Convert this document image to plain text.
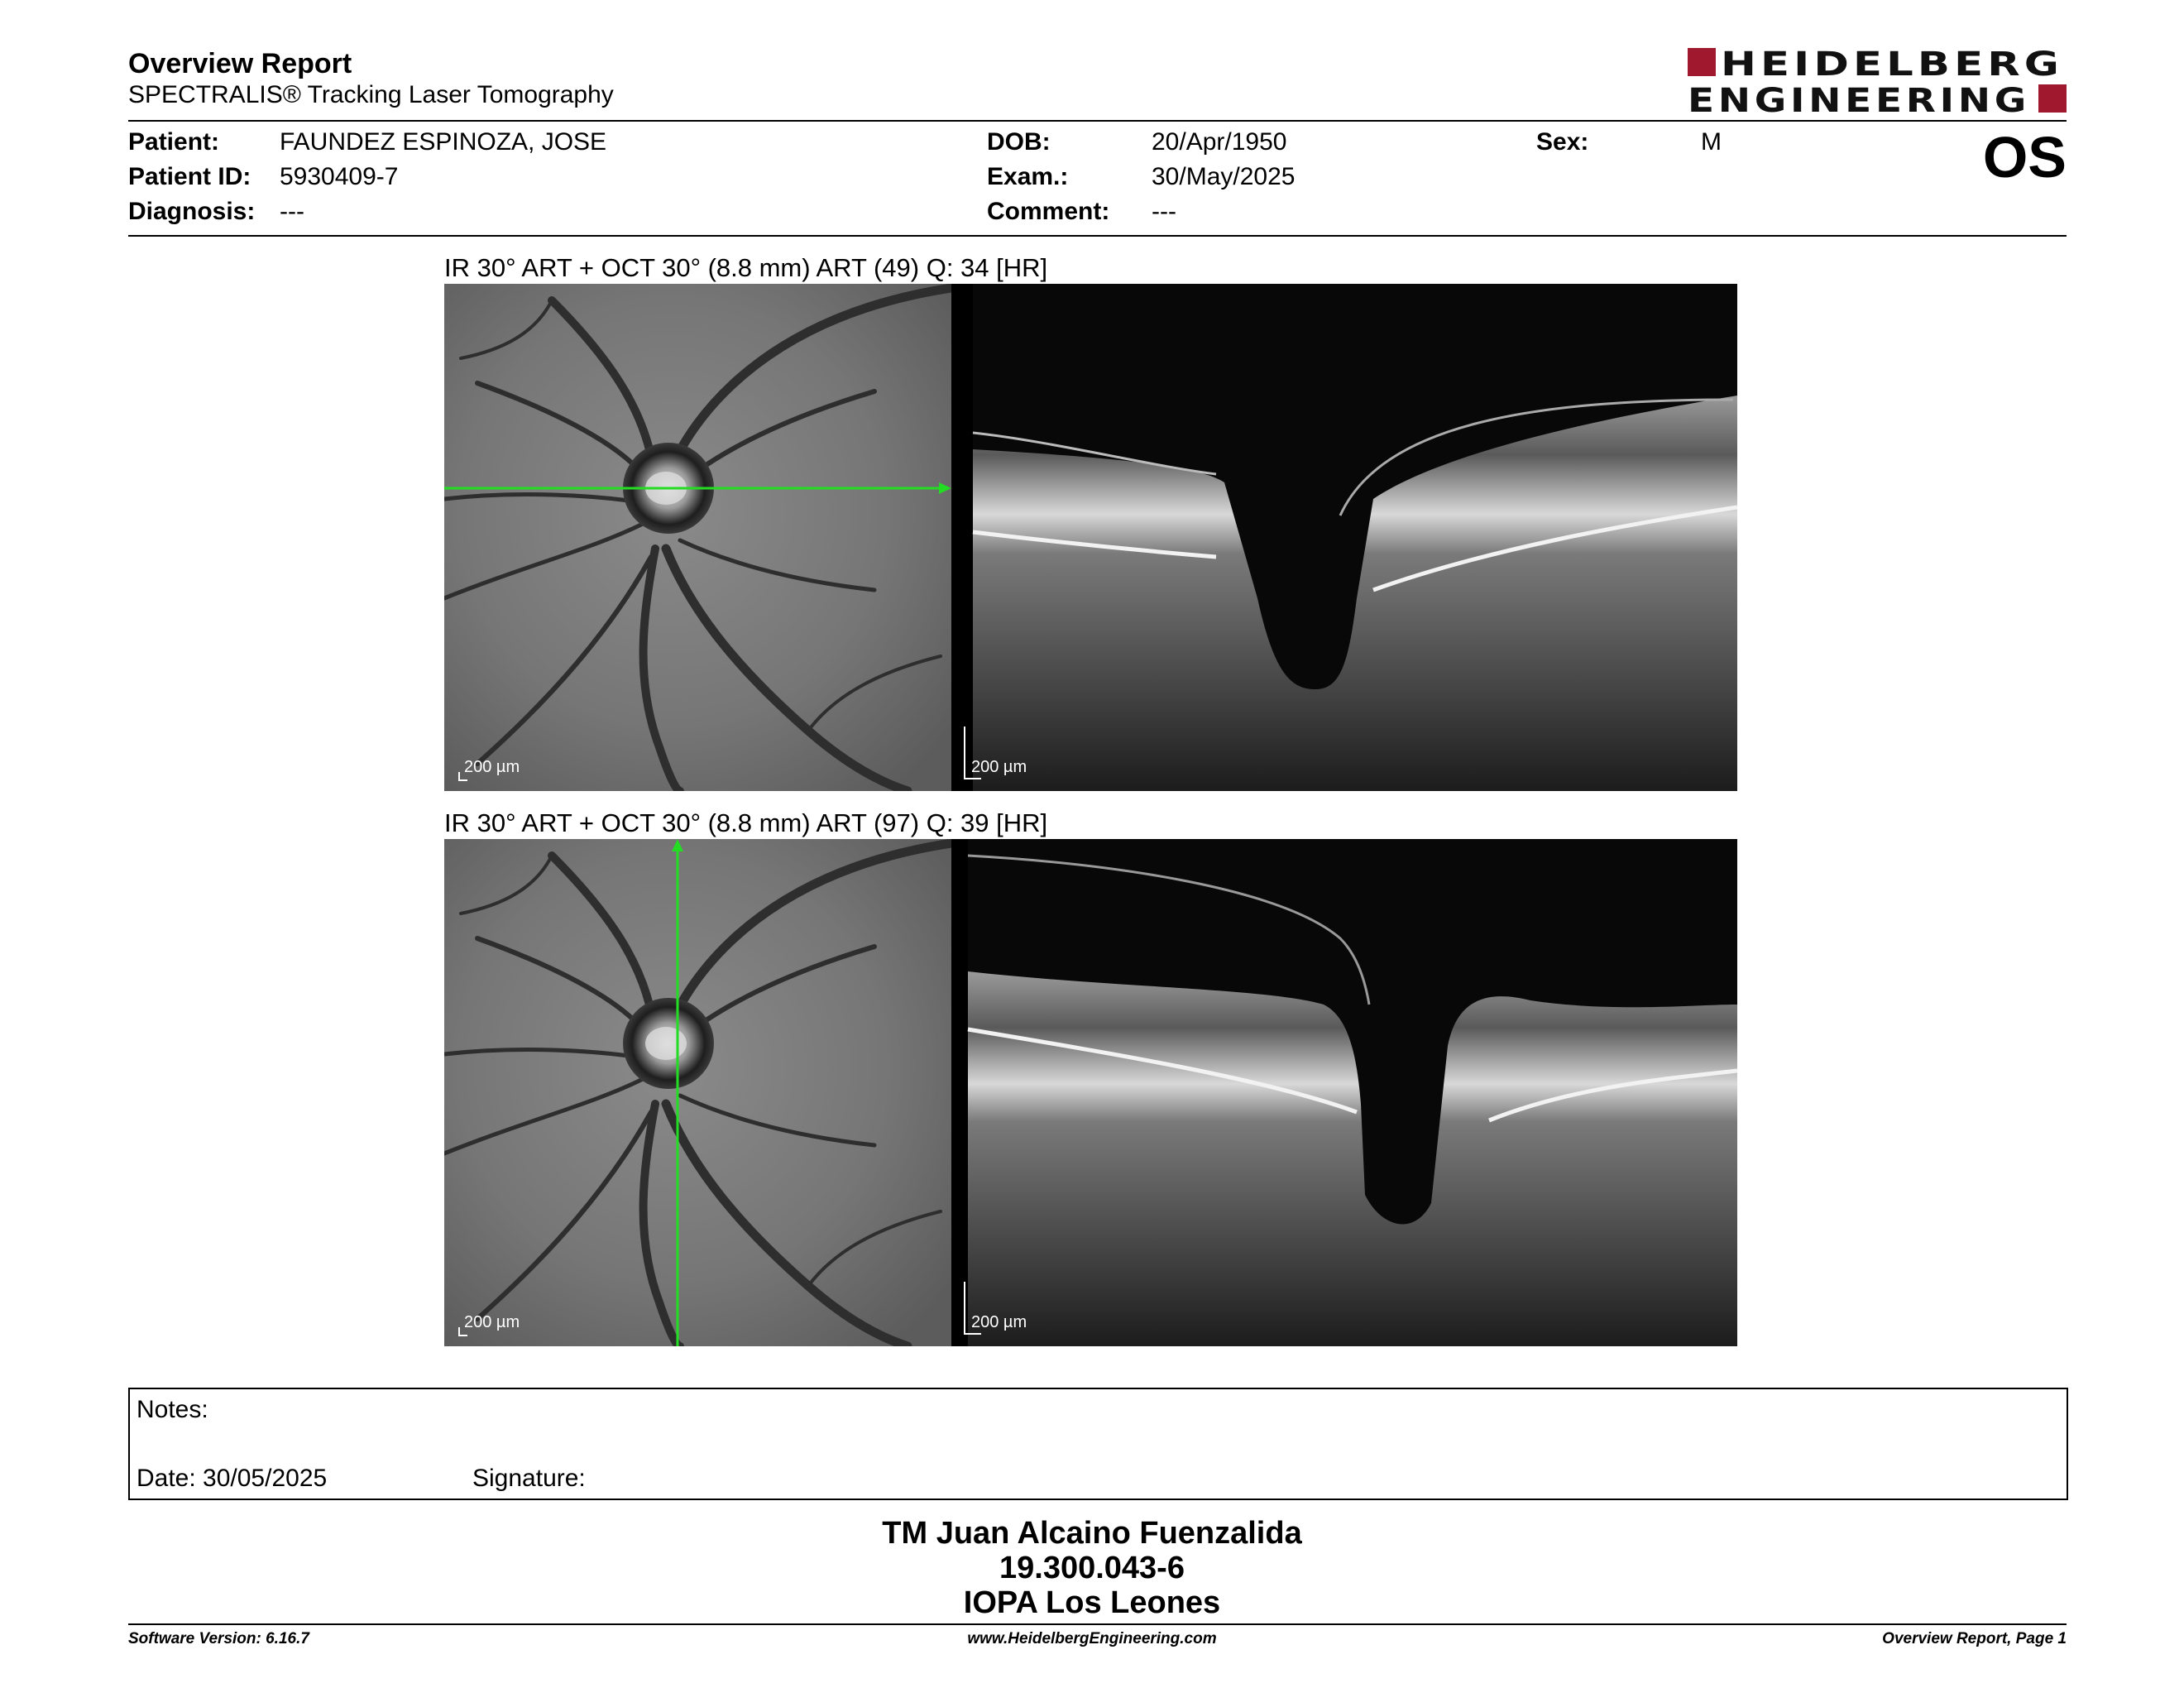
Overview Report
SPECTRALIS® Tracking Laser Tomography
HEIDELBERG
ENGINEERING
Patient: FAUNDEZ ESPINOZA, JOSE
Patient ID: 5930409-7
Diagnosis: ---
DOB:	20/Apr/1950
Exam.:	30/May/2025
Comment: ---
Sex:	M	OS
IR 30° ART + OCT 30° (8.8 mm) ART (49) Q: 34 [HR]
200 µm	200 µm
IR 30° ART + OCT 30° (8.8 mm) ART (97) Q: 39 [HR]
200 µm	200 µm
Notes:
Date: 30/05/2025	Signature:
TM Juan Alcaino Fuenzalida
19.300.043-6
IOPA Los Leones
Software Version: 6.16.7	www.HeidelbergEngineering.com	Overview Report, Page 1
